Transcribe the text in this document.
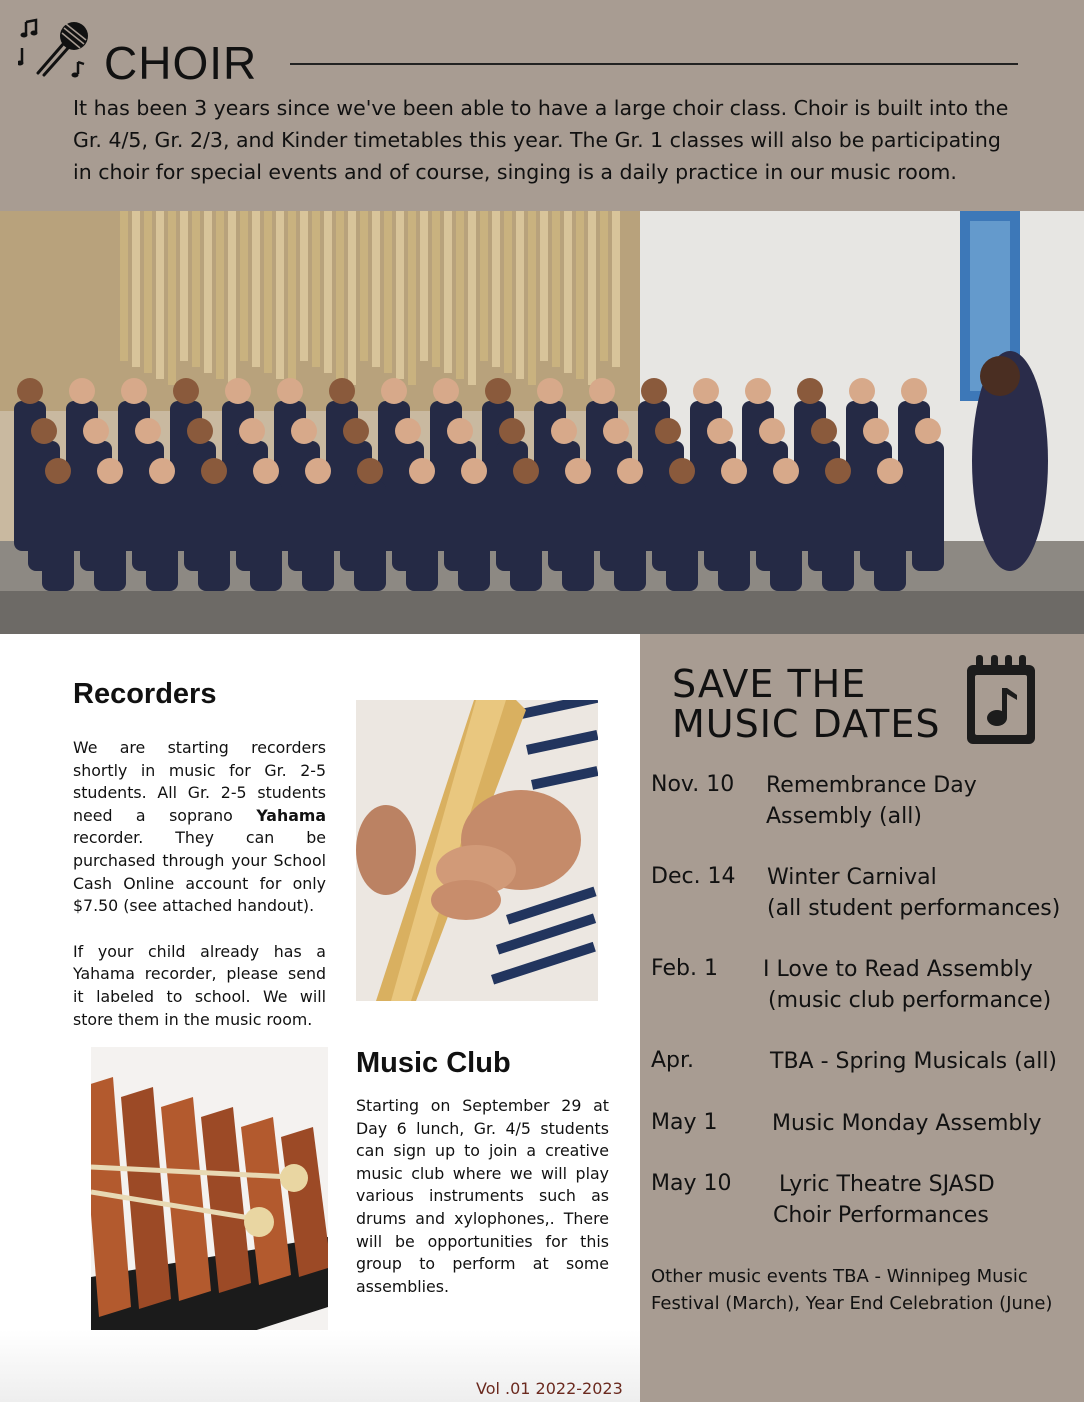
CHOIR
It has been 3 years since we've been able to have a large choir class. Choir is built into the Gr. 4/5, Gr. 2/3, and Kinder timetables this year. The Gr. 1 classes will also be participating in choir for special events and of course, singing is a daily practice in our music room.
SAVE THE
MUSIC DATES
Nov. 10 Remembrance Day
Assembly (all)
Dec. 14 Winter Carnival
(all student performances)
Feb. 1 I Love to Read Assembly
(music club performance)
Apr.	TBA - Spring Musicals (all)
May 1 Music Monday Assembly
May 10 Lyric Theatre SJASD
Choir Performances
Other music events TBA - Winnipeg Music Festival (March), Year End Celebration (June)
Recorders

We are starting recorders shortly in music for Gr. 2-5 students. All Gr. 2-5 students need a soprano Yahama recorder. They can be purchased through your School Cash Online account for only $7.50 (see attached handout).

If your child already has a Yahama recorder, please send it labeled to school. We will store them in the music room.

Music Club
Starting on September 29 at Day 6 lunch, Gr. 4/5 students can sign up to join a creative music club where we will play various instruments such as drums and xylophones,. There will be opportunities for this group to perform at some assemblies.
Vol .01 2022-2023
